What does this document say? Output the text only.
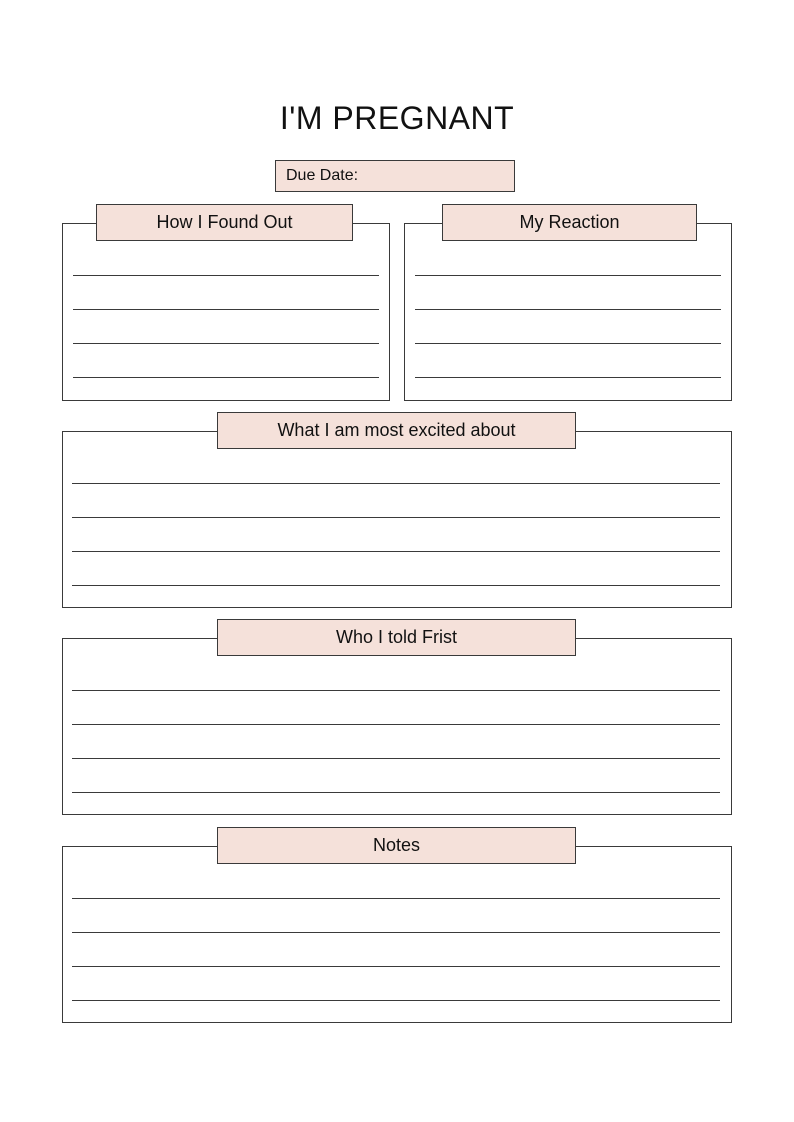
I'M PREGNANT
Due Date:
How I Found Out	My Reaction
What I am most excited about
Who I told Frist
Notes
